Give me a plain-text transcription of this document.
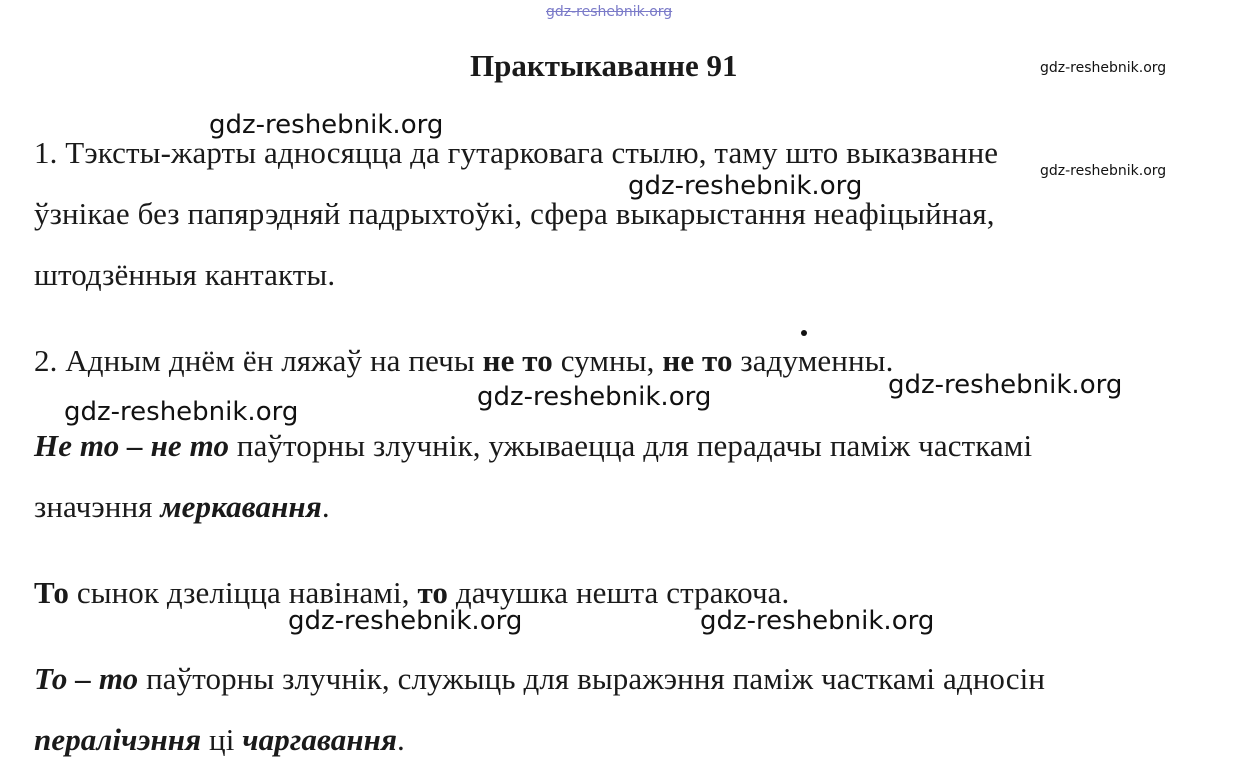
gdz-reshebnik.org
gdz-reshebnik.org
gdz-reshebnik.org
gdz-reshebnik.org
gdz-reshebnik.org
gdz-reshebnik.org
gdz-reshebnik.org
gdz-reshebnik.org
gdz-reshebnik.org	gdz-reshebnik.org
Практыкаванне 91
1. Тэксты-жарты адносяцца да гутарковага стылю, таму што выказванне
ўзнікае без папярэдняй падрыхтоўкі, сфера выкарыстання неафіцыйная,
штодзённыя кантакты.
2. Адным днём ён ляжаў на печы не то сумны, не то задуменны.
Не то – не то паўторны злучнік, ужываецца для перадачы паміж часткамі
значэння меркавання.
То сынок дзеліцца навінамі, то дачушка нешта стракоча.
То – то паўторны злучнік, служыць для выражэння паміж часткамі адносін
пералічэння ці чаргавання.
